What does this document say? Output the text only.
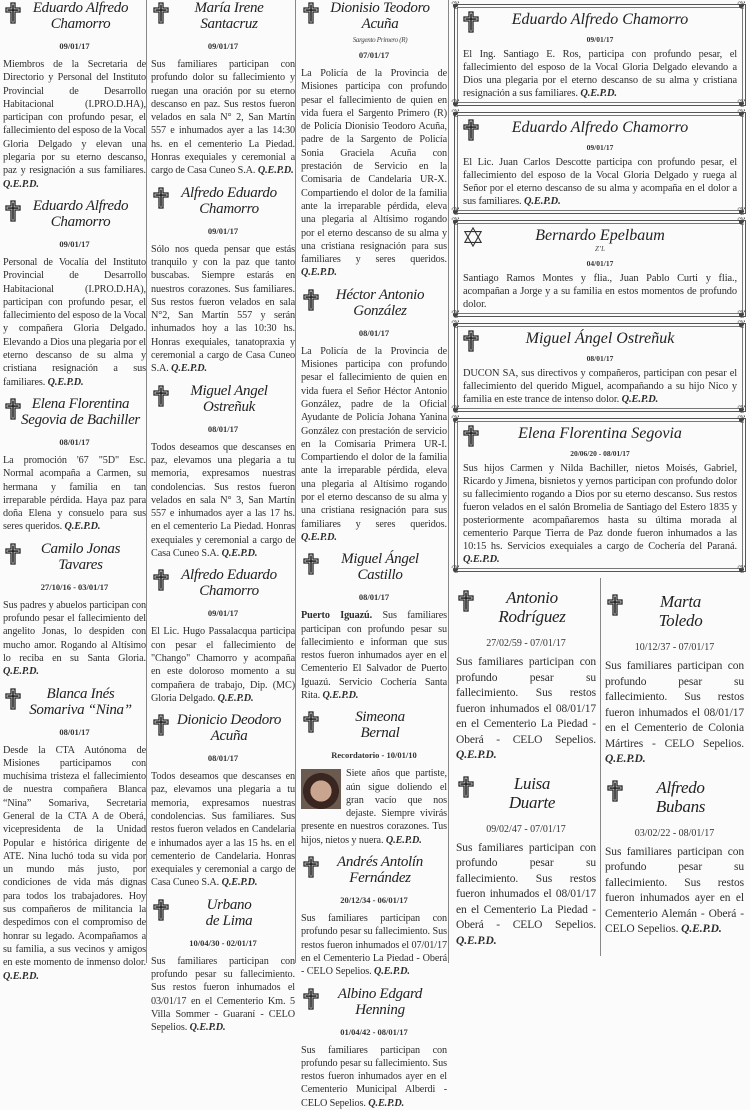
Eduardo Alfredo
Chamorro
09/01/17
Miembros de la Secretaria de Directorio y Personal del Instituto Provincial de Desarrollo Habitacional (I.PRO.D.HA), participan con profundo pesar, el fallecimiento del esposo de la Vocal Gloria Delgado y elevan una plegaria por su eterno descanso, paz y resignación a sus familiares. Q.E.P.D.
Eduardo Alfredo
Chamorro
09/01/17
Personal de Vocalía del Instituto Provincial de Desarrollo Habitacional (I.PRO.D.HA), participan con profundo pesar, el fallecimiento del esposo de la Vocal y compañera Gloria Delgado. Elevando a Dios una plegaria por el eterno descanso de su alma y cristiana resignación a sus familiares. Q.E.P.D.
Elena Florentina
Segovia de Bachiller
08/01/17
La promoción '67 "5D" Esc. Normal acompaña a Carmen, su hermana y familia en tan irreparable pérdida. Haya paz para doña Elena y consuelo para sus seres queridos. Q.E.P.D.
Camilo Jonas
Tavares
27/10/16 - 03/01/17
Sus padres y abuelos participan con profundo pesar el fallecimiento del angelito Jonas, lo despiden con mucho amor. Rogando al Altísimo lo reciba en su Santa Gloria. Q.E.P.D.
Blanca Inés
Somariva “Nina”
08/01/17
Desde la CTA Autónoma de Misiones participamos con muchísima tristeza el fallecimiento de nuestra compañera Blanca “Nina” Somariva, Secretaria General de la CTA A de Oberá, vicepresidenta de la Unidad Popular e histórica dirigente de ATE. Nina luchó toda su vida por un mundo más justo, por condiciones de vida más dignas para todos los trabajadores. Hoy sus compañeros de militancia la despedimos con el compromiso de honrar su legado. Acompañamos a su familia, a sus vecinos y amigos en este momento de inmenso dolor. Q.E.P.D.
María Irene
Santacruz
09/01/17
Sus familiares participan con profundo dolor su fallecimiento y ruegan una oración por su eterno descanso en paz. Sus restos fueron velados en sala N° 2, San Martín 557 e inhumados ayer a las 14:30 hs. en el cementerio La Piedad. Honras exequiales y ceremonial a cargo de Casa Cuneo S.A. Q.E.P.D.
Alfredo Eduardo
Chamorro
09/01/17
Sólo nos queda pensar que estás tranquilo y con la paz que tanto buscabas. Siempre estarás en nuestros corazones. Sus familiares. Sus restos fueron velados en sala N°2, San Martín 557 y serán inhumados hoy a las 10:30 hs. Honras exequiales, tanatopraxia y ceremonial a cargo de Casa Cuneo S.A. Q.E.P.D.
Miguel Angel
Ostreñuk
08/01/17
Todos deseamos que descanses en paz, elevamos una plegaria a tu memoria, expresamos nuestras condolencias. Sus restos fueron velados en sala N° 3, San Martín 557 e inhumados ayer a las 17 hs. en el cementerio La Piedad. Honras exequiales y ceremonial a cargo de Casa Cuneo S.A. Q.E.P.D.
Alfredo Eduardo
Chamorro
09/01/17
El Lic. Hugo Passalacqua participa con pesar el fallecimiento de "Chango" Chamorro y acompaña en este doloroso momento a su compañera de trabajo, Dip. (MC) Gloria Delgado. Q.E.P.D.
Dionicio Deodoro
Acuña
08/01/17
Todos deseamos que descanses en paz, elevamos una plegaria a tu memoria, expresamos nuestras condolencias. Sus familiares. Sus restos fueron velados en Candelaria e inhumados ayer a las 15 hs. en el cementerio de Candelaria. Honras exequiales y ceremonial a cargo de Casa Cuneo S.A. Q.E.P.D.
Urbano
de Lima
10/04/30 - 02/01/17
Sus familiares participan con profundo pesar su fallecimiento. Sus restos fueron inhumados el 03/01/17 en el Cementerio Km. 5 Villa Sommer - Guaraní - CELO Sepelios. Q.E.P.D.
Dionisio Teodoro
Acuña
Sargento Primero (R)
07/01/17
La Policía de la Provincia de Misiones participa con profundo pesar el fallecimiento de quien en vida fuera el Sargento Primero (R) de Policía Dionisio Teodoro Acuña, padre de la Sargento de Policía Sonia Graciela Acuña con prestación de Servicio en la Comisaria de Candelaria UR-X. Compartiendo el dolor de la familia ante la irreparable pérdida, eleva una plegaria al Altísimo rogando por el eterno descanso de su alma y una cristiana resignación para sus familiares y seres queridos. Q.E.P.D.
Héctor Antonio
González
08/01/17
La Policía de la Provincia de Misiones participa con profundo pesar el fallecimiento de quien en vida fuera el Señor Héctor Antonio González, padre de la Oficial Ayudante de Policía Johana Yanina González con prestación de servicio en la Comisaria Primera UR-I. Compartiendo el dolor de la familia ante la irreparable pérdida, eleva una plegaria al Altísimo rogando por el eterno descanso de su alma y una cristiana resignación para sus familiares y seres queridos. Q.E.P.D.
Miguel Ángel
Castillo
08/01/17
Puerto Iguazú. Sus familiares participan con profundo pesar su fallecimiento e informan que sus restos fueron inhumados ayer en el Cementerio El Salvador de Puerto Iguazú. Servicio Cochería Santa Rita. Q.E.P.D.
Simeona
Bernal
Recordatorio - 10/01/10
Siete años que partiste, aún sigue doliendo el gran vacío que nos dejaste. Siempre vivirás presente en nuestros corazones. Tus hijos, nietos y nuera. Q.E.P.D.
Andrés Antolín
Fernández
20/12/34 - 06/01/17
Sus familiares participan con profundo pesar su fallecimiento. Sus restos fueron inhumados el 07/01/17 en el Cementerio La Piedad - Oberá - CELO Sepelios. Q.E.P.D.
Albino Edgard
Henning
01/04/42 - 08/01/17
Sus familiares participan con profundo pesar su fallecimiento. Sus restos fueron inhumados ayer en el Cementerio Municipal Alberdi - CELO Sepelios. Q.E.P.D.
❦	❦
❦	❦
Eduardo Alfredo Chamorro
09/01/17
El Ing. Santiago E. Ros, participa con profundo pesar, el fallecimiento del esposo de la Vocal Gloria Delgado elevando a Dios una plegaria por el eterno descanso de su alma y cristiana resignación a sus familiares. Q.E.P.D.
❦	❦
❦	❦
Eduardo Alfredo Chamorro
09/01/17
El Lic. Juan Carlos Descotte participa con profundo pesar, el fallecimiento del esposo de la Vocal Gloria Delgado y ruega al Señor por el eterno descanso de su alma y acompaña en el dolor a sus familiares. Q.E.P.D.
❦	❦
❦	❦
Bernardo Epelbaum
Z’L
04/01/17
Santiago Ramos Montes y flia., Juan Pablo Curti y flia., acompañan a Jorge y a su familia en estos momentos de profundo dolor.
❦	❦
❦	❦
Miguel Ángel Ostreñuk
08/01/17
DUCON SA, sus directivos y compañeros, participan con pesar el fallecimiento del querido Miguel, acompañando a su hijo Nico y familia en este trance de intenso dolor. Q.E.P.D.
❦	❦
❦	❦
Elena Florentina Segovia
20/06/20 - 08/01/17
Sus hijos Carmen y Nilda Bachiller, nietos Moisés, Gabriel, Ricardo y Jimena, bisnietos y yernos participan con profundo dolor su fallecimiento rogando a Dios por su eterno descanso. Sus restos fueron velados en el salón Bromelia de Santiago del Estero 1835 y posteriormente acompañaremos hasta su última morada al cementerio Parque Tierra de Paz donde fueron inhumados a las 10:15 hs. Servicios exequiales a cargo de Cochería del Paraná. Q.E.P.D.
Antonio
Rodríguez
27/02/59 - 07/01/17
Sus familiares participan con profundo pesar su fallecimiento. Sus restos fueron inhumados el 08/01/17 en el Cementerio La Piedad - Oberá - CELO Sepelios. Q.E.P.D.
Luisa
Duarte
09/02/47 - 07/01/17
Sus familiares participan con profundo pesar su fallecimiento. Sus restos fueron inhumados el 08/01/17 en el Cementerio La Piedad - Oberá - CELO Sepelios. Q.E.P.D.
Marta
Toledo
10/12/37 - 07/01/17
Sus familiares participan con profundo pesar su fallecimiento. Sus restos fueron inhumados el 08/01/17 en el Cementerio de Colonia Mártires - CELO Sepelios. Q.E.P.D.
Alfredo
Bubans
03/02/22 - 08/01/17
Sus familiares participan con profundo pesar su fallecimiento. Sus restos fueron inhumados ayer en el Cementerio Alemán - Oberá - CELO Sepelios. Q.E.P.D.
